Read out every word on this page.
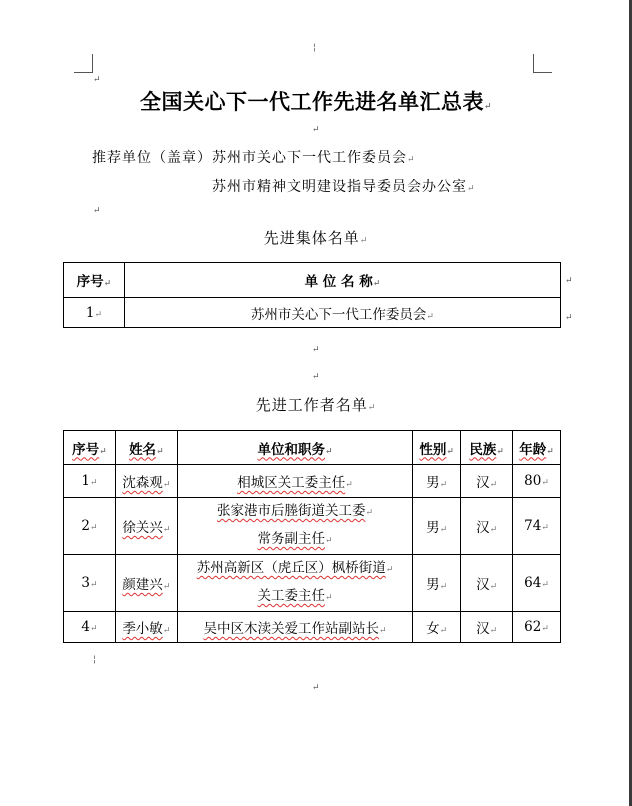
¦
↵
全国关心下一代工作先进名单汇总表↵
↵
推荐单位（盖章）苏州市关心下一代工作委员会↵
苏州市精神文明建设指导委员会办公室↵
↵
先进集体名单↵
序号↵	单 位 名 称↵
1↵	苏州市关心下一代工作委员会↵
↵
↵
↵
↵
先进工作者名单↵
序号↵	姓名↵	单位和职务↵	性别↵	民族↵	年龄↵
1↵	沈森观↵	相城区关工委主任↵	男↵	汉↵	80↵
2↵	徐关兴↵	张家港市后塍街道关工委↵
常务副主任↵	男↵	汉↵	74↵
3↵	颜建兴↵	苏州高新区（虎丘区）枫桥街道↵
关工委主任↵	男↵	汉↵	64↵
4↵	季小敏↵	吴中区木渎关爱工作站副站长↵	女↵	汉↵	62↵
¦
↵
